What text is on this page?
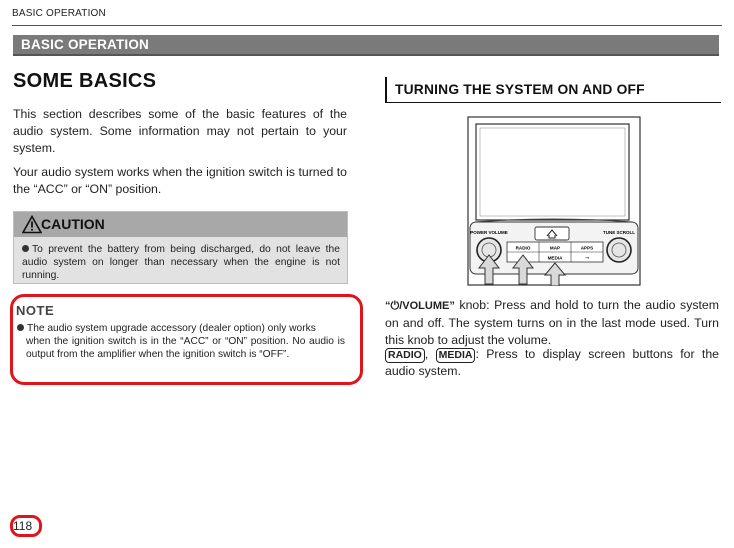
BASIC OPERATION
BASIC OPERATION
SOME BASICS
This section describes some of the basic features of the audio system. Some information may not pertain to your system.
Your audio system works when the ignition switch is turned to the “ACC” or “ON” position.
CAUTION
To prevent the battery from being discharged, do not leave the audio system on longer than necessary when the engine is not running.
NOTE
The audio system upgrade accessory (dealer option) only works
when the ignition switch is in the “ACC” or “ON” position. No audio is output from the amplifier when the ignition switch is “OFF”.
118
TURNING THE SYSTEM ON AND OFF
POWER VOLUME	TUNE SCROLL
RADIO	MAP	APPS
MEDIA	→
“⏻/VOLUME” knob: Press and hold to turn the audio system on and off. The system turns on in the last mode used. Turn this knob to adjust the volume.
RADIO , MEDIA : Press to display screen buttons for the audio system.
